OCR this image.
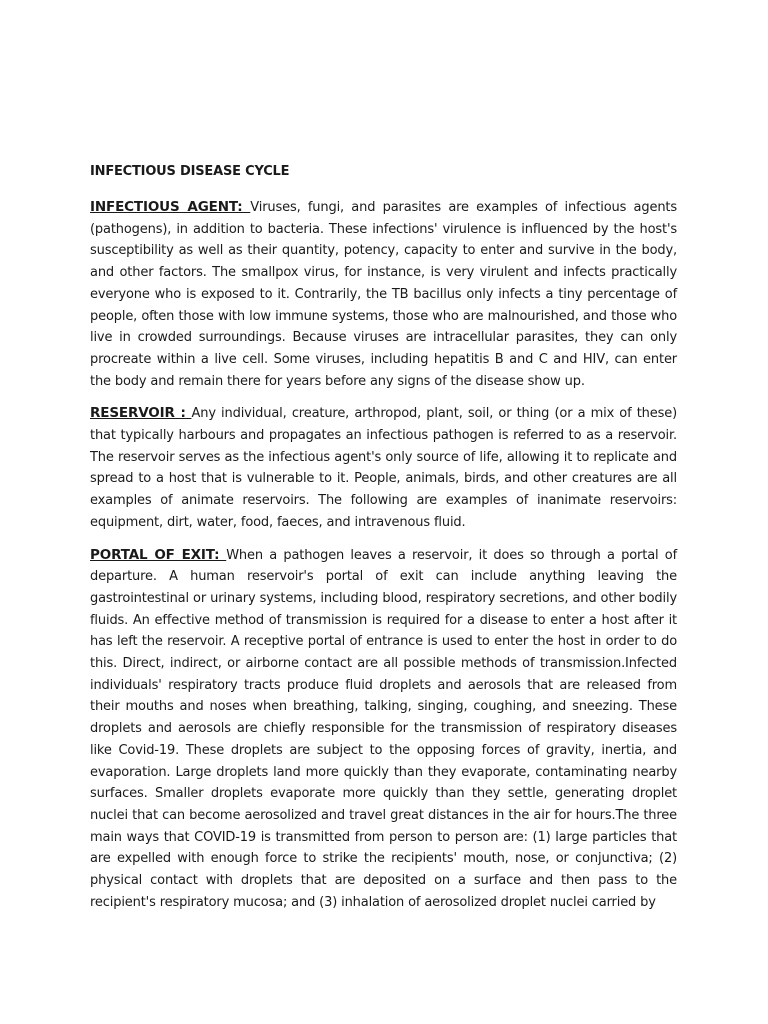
INFECTIOUS DISEASE CYCLE

INFECTIOUS AGENT: Viruses, fungi, and parasites are examples of infectious agents (pathogens), in addition to bacteria. These infections' virulence is influenced by the host's susceptibility as well as their quantity, potency, capacity to enter and survive in the body, and other factors. The smallpox virus, for instance, is very virulent and infects practically everyone who is exposed to it. Contrarily, the TB bacillus only infects a tiny percentage of people, often those with low immune systems, those who are malnourished, and those who live in crowded surroundings. Because viruses are intracellular parasites, they can only procreate within a live cell. Some viruses, including hepatitis B and C and HIV, can enter the body and remain there for years before any signs of the disease show up.

RESERVOIR : Any individual, creature, arthropod, plant, soil, or thing (or a mix of these) that typically harbours and propagates an infectious pathogen is referred to as a reservoir. The reservoir serves as the infectious agent's only source of life, allowing it to replicate and spread to a host that is vulnerable to it. People, animals, birds, and other creatures are all examples of animate reservoirs. The following are examples of inanimate reservoirs: equipment, dirt, water, food, faeces, and intravenous fluid.

PORTAL OF EXIT: When a pathogen leaves a reservoir, it does so through a portal of departure. A human reservoir's portal of exit can include anything leaving the gastrointestinal or urinary systems, including blood, respiratory secretions, and other bodily fluids. An effective method of transmission is required for a disease to enter a host after it has left the reservoir. A receptive portal of entrance is used to enter the host in order to do this. Direct, indirect, or airborne contact are all possible methods of transmission.Infected individuals' respiratory tracts produce fluid droplets and aerosols that are released from their mouths and noses when breathing, talking, singing, coughing, and sneezing. These droplets and aerosols are chiefly responsible for the transmission of respiratory diseases like Covid-19. These droplets are subject to the opposing forces of gravity, inertia, and evaporation. Large droplets land more quickly than they evaporate, contaminating nearby surfaces. Smaller droplets evaporate more quickly than they settle, generating droplet nuclei that can become aerosolized and travel great distances in the air for hours.The three main ways that COVID-19 is transmitted from person to person are: (1) large particles that are expelled with enough force to strike the recipients' mouth, nose, or conjunctiva; (2) physical contact with droplets that are deposited on a surface and then pass to the recipient's respiratory mucosa; and (3) inhalation of aerosolized droplet nuclei carried by
